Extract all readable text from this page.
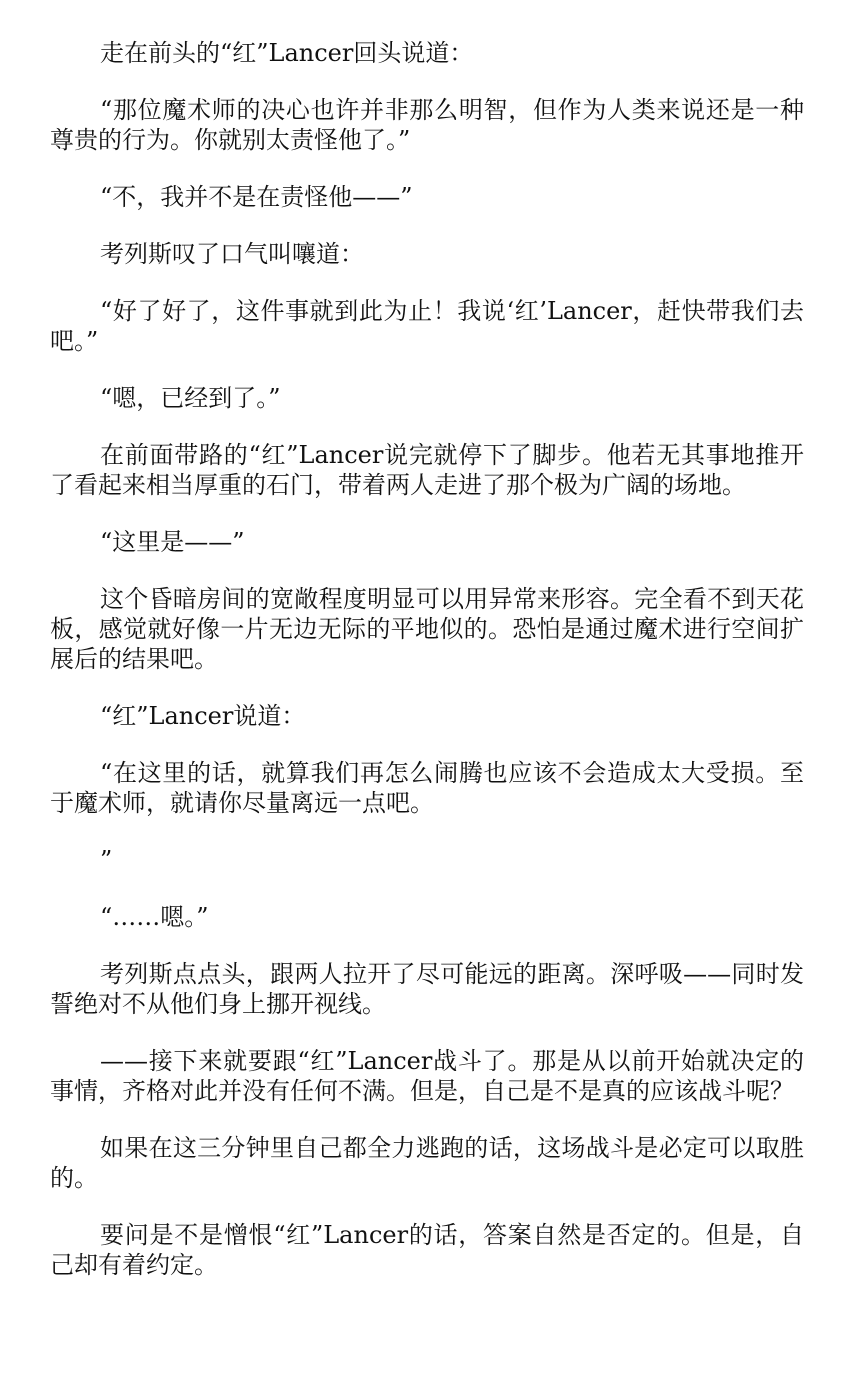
走在前头的“红”Lancer回头说道：

“那位魔术师的决心也许并非那么明智，但作为人类来说还是一种尊贵的行为。你就别太责怪他了。”

“不，我并不是在责怪他——”

考列斯叹了口气叫嚷道：

“好了好了，这件事就到此为止！我说‘红’Lancer，赶快带我们去吧。”

“嗯，已经到了。”

在前面带路的“红”Lancer说完就停下了脚步。他若无其事地推开了看起来相当厚重的石门，带着两人走进了那个极为广阔的场地。

“这里是——”

这个昏暗房间的宽敞程度明显可以用异常来形容。完全看不到天花板，感觉就好像一片无边无际的平地似的。恐怕是通过魔术进行空间扩展后的结果吧。

“红”Lancer说道：

“在这里的话，就算我们再怎么闹腾也应该不会造成太大受损。至于魔术师，就请你尽量离远一点吧。

”

“……嗯。”

考列斯点点头，跟两人拉开了尽可能远的距离。深呼吸——同时发誓绝对不从他们身上挪开视线。

——接下来就要跟“红”Lancer战斗了。那是从以前开始就决定的事情，齐格对此并没有任何不满。但是，自己是不是真的应该战斗呢？

如果在这三分钟里自己都全力逃跑的话，这场战斗是必定可以取胜的。

要问是不是憎恨“红”Lancer的话，答案自然是否定的。但是，自己却有着约定。
